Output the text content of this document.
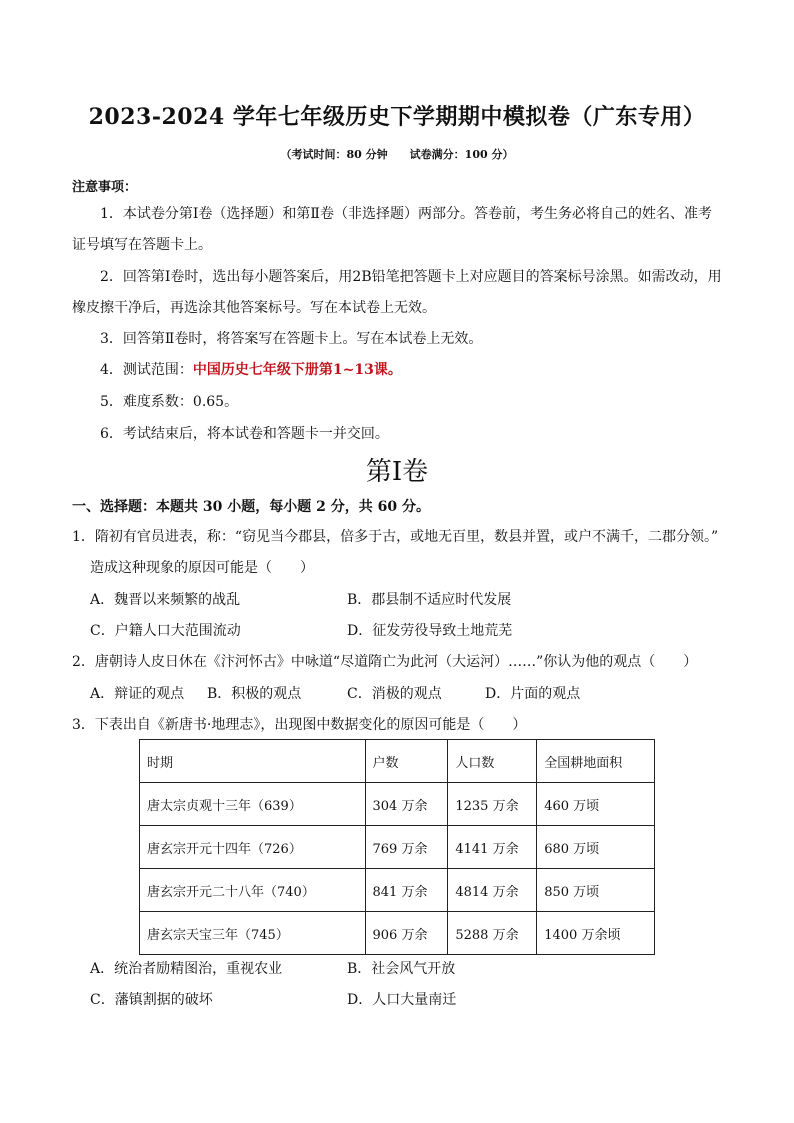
2023-2024 学年七年级历史下学期期中模拟卷（广东专用）
（考试时间：80 分钟　　试卷满分：100 分）
注意事项：
1．本试卷分第Ⅰ卷（选择题）和第Ⅱ卷（非选择题）两部分。答卷前，考生务必将自己的姓名、准考
证号填写在答题卡上。
2．回答第Ⅰ卷时，选出每小题答案后，用2B铅笔把答题卡上对应题目的答案标号涂黑。如需改动，用
橡皮擦干净后，再选涂其他答案标号。写在本试卷上无效。
3．回答第Ⅱ卷时，将答案写在答题卡上。写在本试卷上无效。
4．测试范围：中国历史七年级下册第1~13课。
5．难度系数：0.65。
6．考试结束后，将本试卷和答题卡一并交回。
第Ⅰ卷
一、选择题：本题共 30 小题，每小题 2 分，共 60 分。
1．隋初有官员进表，称：“窃见当今郡县，倍多于古，或地无百里，数县并置，或户不满千，二郡分领。”
造成这种现象的原因可能是（　　）
A．魏晋以来频繁的战乱	B．郡县制不适应时代发展
C．户籍人口大范围流动	D．征发劳役导致土地荒芜
2．唐朝诗人皮日休在《汴河怀古》中咏道“尽道隋亡为此河（大运河）……”你认为他的观点（　　）
A．辩证的观点 B．积极的观点	C．消极的观点	D．片面的观点
3．下表出自《新唐书·地理志》，出现图中数据变化的原因可能是（　　）
时期	户数	人口数	全国耕地面积
唐太宗贞观十三年（639）	304 万余	1235 万余	460 万顷
唐玄宗开元十四年（726）	769 万余	4141 万余	680 万顷
唐玄宗开元二十八年（740）	841 万余	4814 万余	850 万顷
唐玄宗天宝三年（745）	906 万余	5288 万余	1400 万余顷
A．统治者励精图治，重视农业	B．社会风气开放
C．藩镇割据的破坏	D．人口大量南迁
